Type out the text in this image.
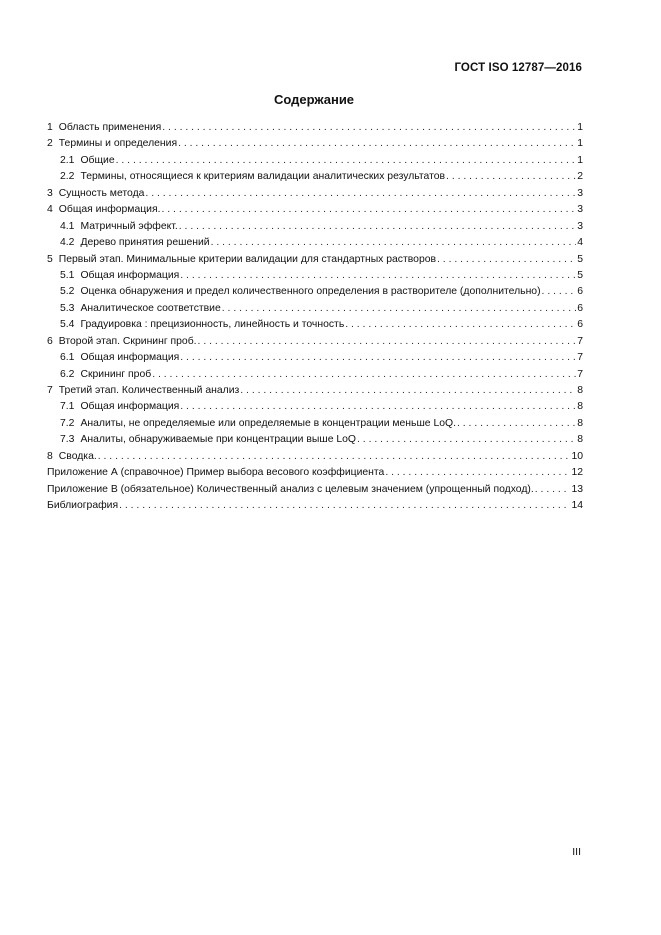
ГОСТ ISO 12787—2016
Содержание
1 Область применения . . .	1
2 Термины и определения . . .	1
2.1 Общие . . .	1
2.2 Термины, относящиеся к критериям валидации аналитических результатов . . .	2
3 Сущность метода . . .	3
4 Общая информация. . . .	3
4.1 Матричный эффект. . . .	3
4.2 Дерево принятия решений . . .	4
5 Первый этап. Минимальные критерии валидации для стандартных растворов . . .	5
5.1 Общая информация . . .	5
5.2 Оценка обнаружения и предел количественного определения в растворителе (дополнительно) . . .	6
5.3 Аналитическое соответствие . . .	6
5.4 Градуировка : прецизионность, линейность и точность . . .	6
6 Второй этап. Скрининг проб. . . .	7
6.1 Общая информация . . .	7
6.2 Скрининг проб . . .	7
7 Третий этап. Количественный анализ . . .	8
7.1 Общая информация . . .	8
7.2 Аналиты, не определяемые или определяемые в концентрации меньше LoQ. . . .	8
7.3 Аналиты, обнаруживаемые при концентрации выше LoQ . . .	8
8 Сводка. . . .	10
Приложение А (справочное) Пример выбора весового коэффициента . . .	12
Приложение В (обязательное) Количественный анализ с целевым значением (упрощенный подход). . . .	13
Библиография . . .	14
III
